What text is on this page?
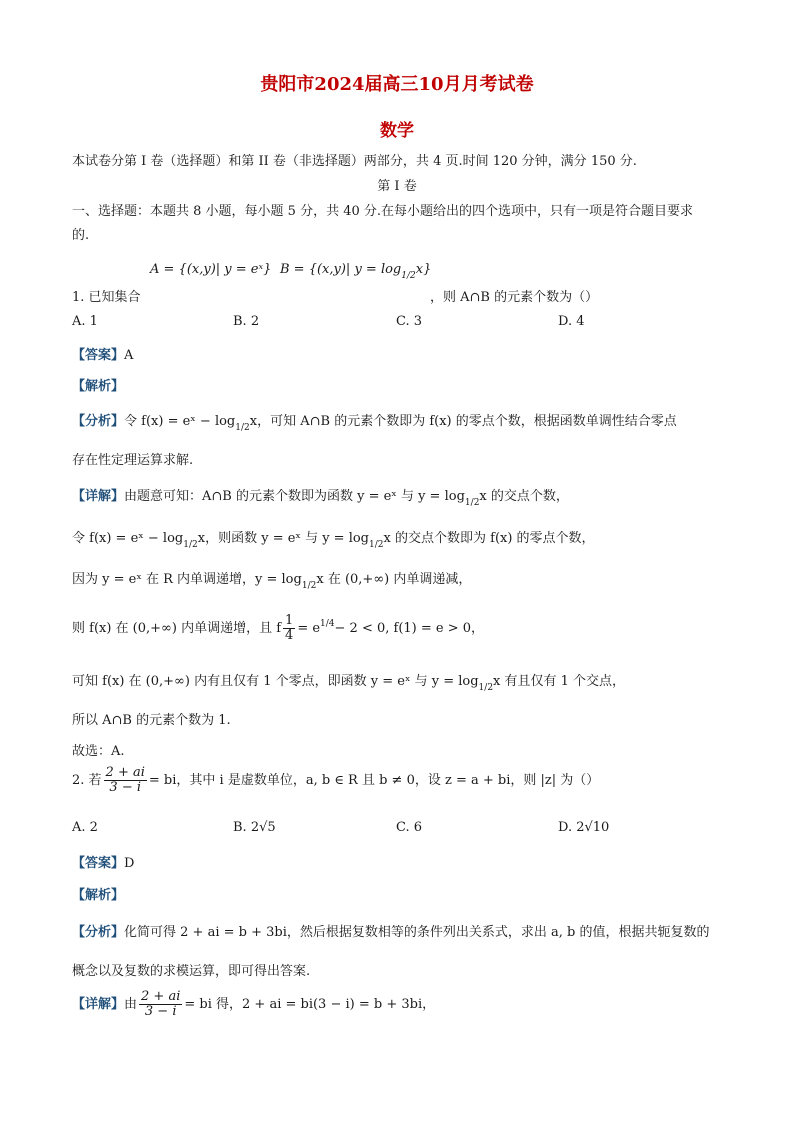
贵阳市2024届高三10月月考试卷
数学
本试卷分第 I 卷（选择题）和第 II 卷（非选择题）两部分，共 4 页.时间 120 分钟，满分 150 分.
第 I 卷
一、选择题：本题共 8 小题，每小题 5 分，共 40 分.在每小题给出的四个选项中，只有一项是符合题目要求
的.
A = {(x,y)| y = eˣ} B = {(x,y)| $y = \log_{1/2}x$}
1. 已知集合	，则 A∩B 的元素个数为（）
A. 1	B. 2	C. 3	D. 4
【答案】A
【解析】
【分析】令 f(x) = eˣ − $\log_{1/2}x$，可知 A∩B 的元素个数即为 f(x) 的零点个数，根据函数单调性结合零点
存在性定理运算求解.
【详解】由题意可知：A∩B 的元素个数即为函数 y = eˣ 与 $y = \log_{1/2}x$ 的交点个数，
令 f(x) = eˣ − $\log_{1/2}x$，则函数 y = eˣ 与 $y = \log_{1/2}x$ 的交点个数即为 f(x) 的零点个数，
因为 y = eˣ 在 R 内单调递增，$y = \log_{1/2}x$ 在 (0,+∞) 内单调递减，
则 f(x) 在 (0,+∞) 内单调递增，且 f $\frac{1}{4} = e^{1/4}- 2 < 0$, f(1) = e > 0，
可知 f(x) 在 (0,+∞) 内有且仅有 1 个零点，即函数 y = eˣ 与 $y = \log_{1/2}x$ 有且仅有 1 个交点，
所以 A∩B 的元素个数为 1.
故选：A.
2. 若 $\frac{2 + ai}{3 - i}$ = bi，其中 i 是虚数单位，a, b ∈ R 且 b ≠ 0，设 z = a + bi，则 |z| 为（）
A. 2	B. 2√5	C. 6	D. 2√10
【答案】D
【解析】
【分析】化简可得 2 + ai = b + 3bi，然后根据复数相等的条件列出关系式，求出 a, b 的值，根据共轭复数的
概念以及复数的求模运算，即可得出答案.
【详解】由 $\frac{2 + ai}{3 - i}$ = bi 得，2 + ai = bi(3 − i) = b + 3bi，
